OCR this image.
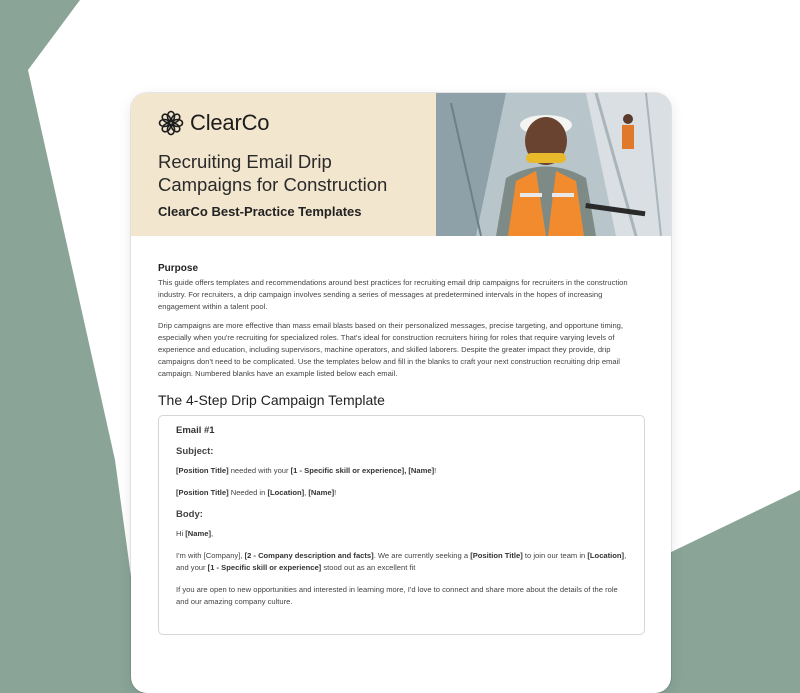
ClearCo
Recruiting Email Drip
Campaigns for Construction
ClearCo Best-Practice Templates
Purpose

This guide offers templates and recommendations around best practices for recruiting email drip campaigns for recruiters in the construction industry. For recruiters, a drip campaign involves sending a series of messages at predetermined intervals in the hopes of increasing engagement within a talent pool.

Drip campaigns are more effective than mass email blasts based on their personalized messages, precise targeting, and opportune timing, especially when you're recruiting for specialized roles. That's ideal for construction recruiters hiring for roles that require varying levels of experience and education, including supervisors, machine operators, and skilled laborers. Despite the greater impact they provide, drip campaigns don't need to be complicated. Use the templates below and fill in the blanks to craft your next construction recruiting drip email campaign. Numbered blanks have an example listed below each email.

The 4-Step Drip Campaign Template

Email #1

Subject:

[Position Title] needed with your [1 - Specific skill or experience], [Name]!

[Position Title] Needed in [Location], [Name]!

Body:

Hi [Name],

I'm with [Company], [2 - Company description and facts]. We are currently seeking a [Position Title] to join our team in [Location], and your [1 - Specific skill or experience] stood out as an excellent fit

If you are open to new opportunities and interested in learning more, I'd love to connect and share more about the details of the role and our amazing company culture.
